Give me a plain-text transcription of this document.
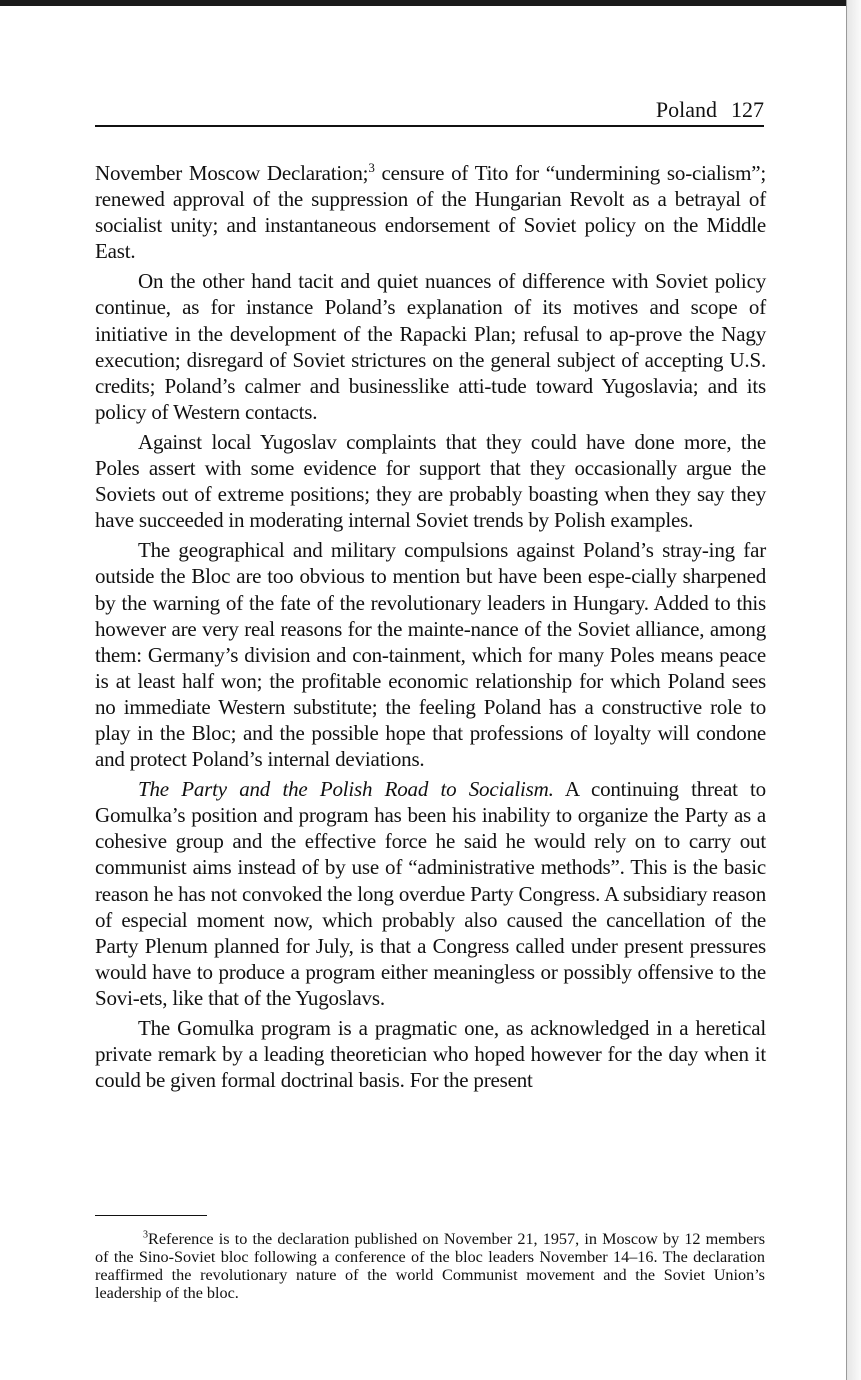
Poland 127

November Moscow Declaration;$^3$ censure of Tito for “undermining so-cialism”; renewed approval of the suppression of the Hungarian Revolt as a betrayal of socialist unity; and instantaneous endorsement of Soviet policy on the Middle East.

On the other hand tacit and quiet nuances of difference with Soviet policy continue, as for instance Poland’s explanation of its motives and scope of initiative in the development of the Rapacki Plan; refusal to ap-prove the Nagy execution; disregard of Soviet strictures on the general subject of accepting U.S. credits; Poland’s calmer and businesslike atti-tude toward Yugoslavia; and its policy of Western contacts.

Against local Yugoslav complaints that they could have done more, the Poles assert with some evidence for support that they occasionally argue the Soviets out of extreme positions; they are probably boasting when they say they have succeeded in moderating internal Soviet trends by Polish examples.

The geographical and military compulsions against Poland’s stray-ing far outside the Bloc are too obvious to mention but have been espe-cially sharpened by the warning of the fate of the revolutionary leaders in Hungary. Added to this however are very real reasons for the mainte-nance of the Soviet alliance, among them: Germany’s division and con-tainment, which for many Poles means peace is at least half won; the profitable economic relationship for which Poland sees no immediate Western substitute; the feeling Poland has a constructive role to play in the Bloc; and the possible hope that professions of loyalty will condone and protect Poland’s internal deviations.

The Party and the Polish Road to Socialism. A continuing threat to Gomulka’s position and program has been his inability to organize the Party as a cohesive group and the effective force he said he would rely on to carry out communist aims instead of by use of “administrative methods”. This is the basic reason he has not convoked the long overdue Party Congress. A subsidiary reason of especial moment now, which probably also caused the cancellation of the Party Plenum planned for July, is that a Congress called under present pressures would have to produce a program either meaningless or possibly offensive to the Sovi-ets, like that of the Yugoslavs.

The Gomulka program is a pragmatic one, as acknowledged in a heretical private remark by a leading theoretician who hoped however for the day when it could be given formal doctrinal basis. For the present

$^3$Reference is to the declaration published on November 21, 1957, in Moscow by 12 members of the Sino-Soviet bloc following a conference of the bloc leaders November 14–16. The declaration reaffirmed the revolutionary nature of the world Communist movement and the Soviet Union’s leadership of the bloc.
